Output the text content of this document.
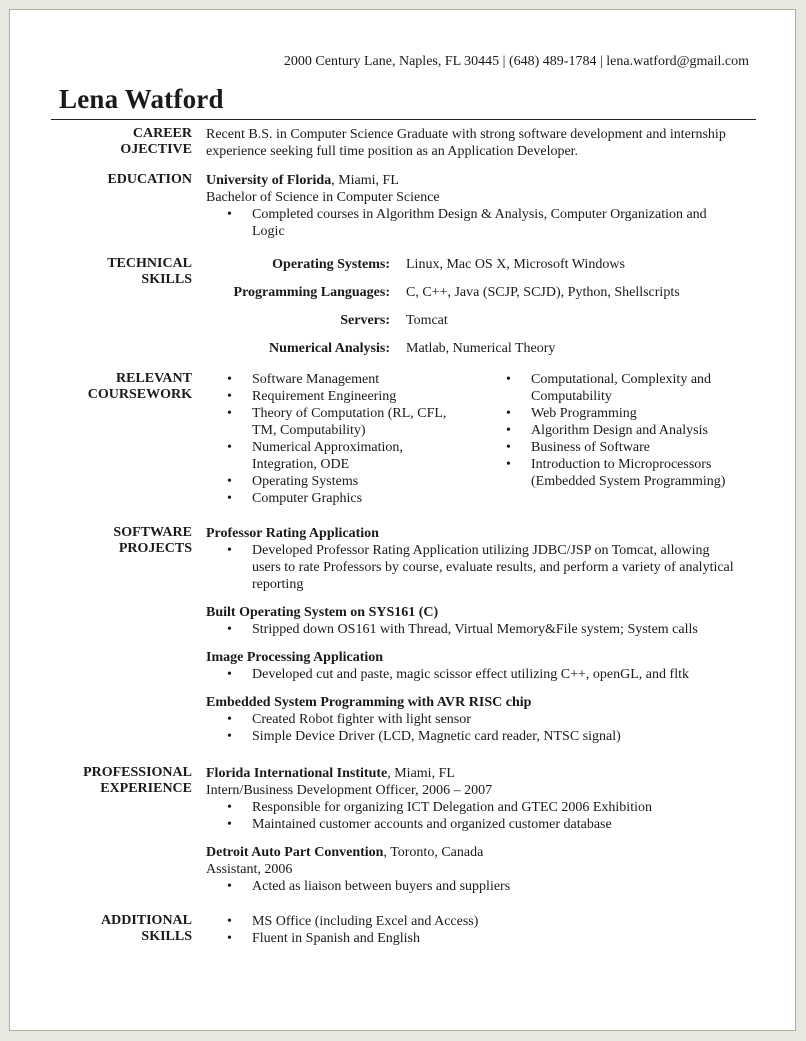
2000 Century Lane, Naples, FL 30445 | (648) 489-1784 | lena.watford@gmail.com
Lena Watford
CAREER
OJECTIVE
Recent B.S. in Computer Science Graduate with strong software development and internship
experience seeking full time position as an Application Developer.
EDUCATION University of Florida, Miami, FL
Bachelor of Science in Computer Science
• Completed courses in Algorithm Design & Analysis, Computer Organization and
Logic
TECHNICAL
SKILLS
Operating Systems: Linux, Mac OS X, Microsoft Windows
Programming Languages: C, C++, Java (SCJP, SCJD), Python, Shellscripts
Servers: Tomcat
Numerical Analysis: Matlab, Numerical Theory
RELEVANT
COURSEWORK
• Software Management
• Requirement Engineering
• Theory of Computation (RL, CFL,
TM, Computability)
• Numerical Approximation,
Integration, ODE
• Operating Systems
• Computer Graphics
• Computational, Complexity and
Computability
• Web Programming
• Algorithm Design and Analysis
• Business of Software
• Introduction to Microprocessors
(Embedded System Programming)
SOFTWARE
PROJECTS
Professor Rating Application
• Developed Professor Rating Application utilizing JDBC/JSP on Tomcat, allowing
users to rate Professors by course, evaluate results, and perform a variety of analytical
reporting
Built Operating System on SYS161 (C)
• Stripped down OS161 with Thread, Virtual Memory&File system; System calls
Image Processing Application
• Developed cut and paste, magic scissor effect utilizing C++, openGL, and fltk
Embedded System Programming with AVR RISC chip
• Created Robot fighter with light sensor
• Simple Device Driver (LCD, Magnetic card reader, NTSC signal)
PROFESSIONAL
EXPERIENCE
Florida International Institute, Miami, FL
Intern/Business Development Officer, 2006 – 2007
• Responsible for organizing ICT Delegation and GTEC 2006 Exhibition
• Maintained customer accounts and organized customer database
Detroit Auto Part Convention, Toronto, Canada
Assistant, 2006
• Acted as liaison between buyers and suppliers
ADDITIONAL
SKILLS
• MS Office (including Excel and Access)
• Fluent in Spanish and English
